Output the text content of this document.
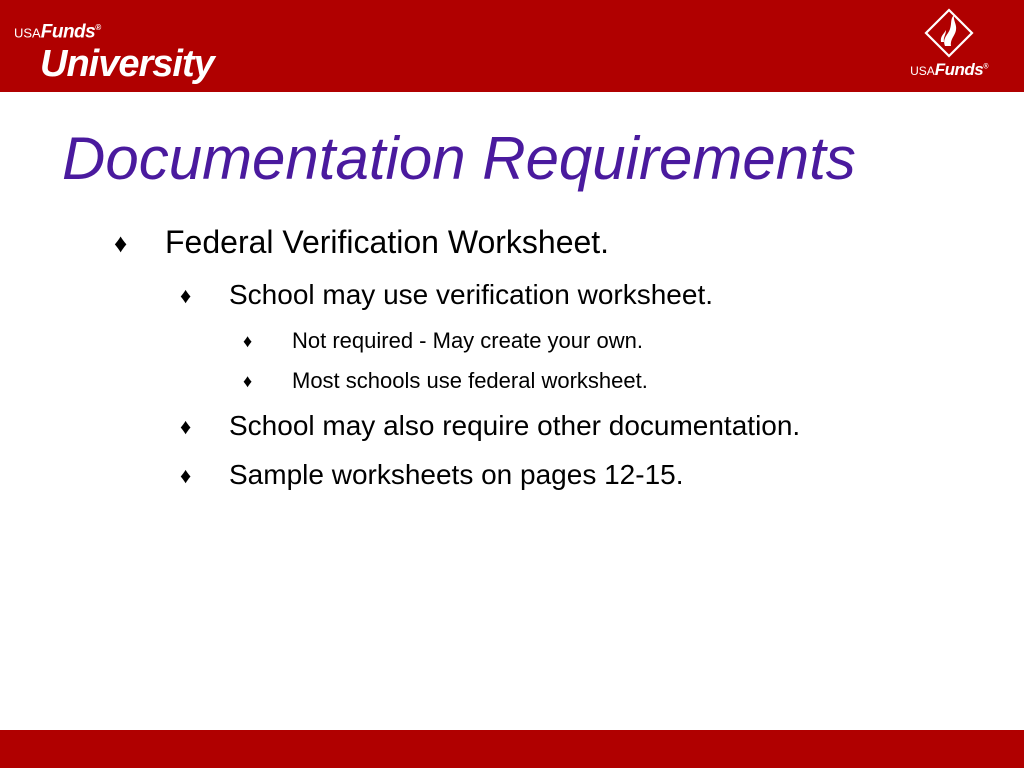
USAFunds®
University	USAFunds®
Documentation Requirements
♦ Federal Verification Worksheet.
♦ School may use verification worksheet.
♦ Not required - May create your own.
♦ Most schools use federal worksheet.
♦ School may also require other documentation.
♦ Sample worksheets on pages 12-15.
